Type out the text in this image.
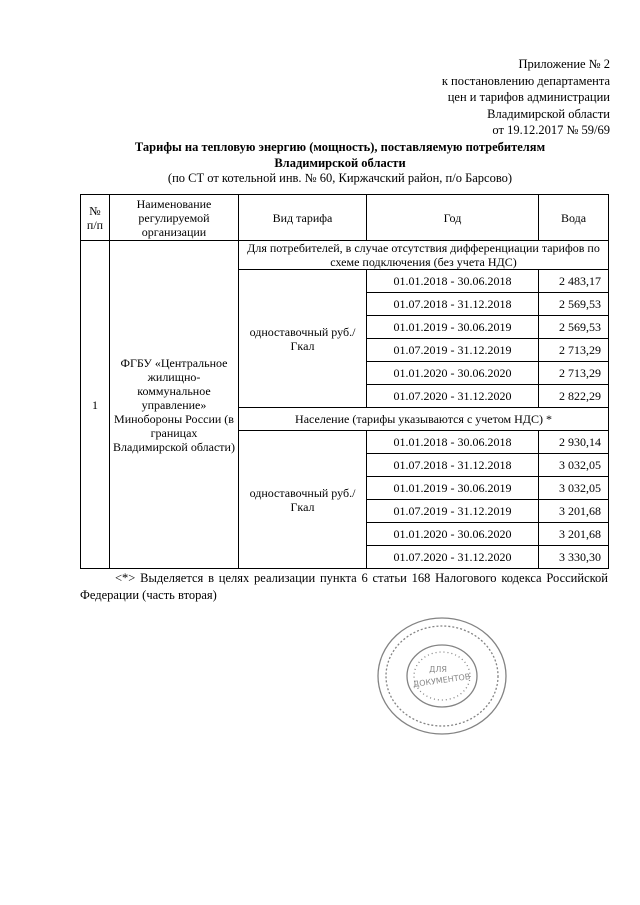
Приложение № 2
к постановлению департамента
цен и тарифов администрации
Владимирской области
от 19.12.2017 № 59/69
Тарифы на тепловую энергию (мощность), поставляемую потребителям
Владимирской области
(по СТ от котельной инв. № 60, Киржачский район, п/о Барсово)
№ п/п	Наименование регулируемой организации	Вид тарифа	Год	Вода
1	ФГБУ «Центральное жилищно-коммунальное управление» Минобороны России (в границах Владимирской области)	Для потребителей, в случае отсутствия дифференциации тарифов по схеме подключения (без учета НДС)		
		одноставочный руб./Гкал	01.01.2018 - 30.06.2018	2 483,17
			01.07.2018 - 31.12.2018	2 569,53
			01.01.2019 - 30.06.2019	2 569,53
			01.07.2019 - 31.12.2019	2 713,29
			01.01.2020 - 30.06.2020	2 713,29
			01.07.2020 - 31.12.2020	2 822,29
		Население (тарифы указываются с учетом НДС) *		
		одноставочный руб./Гкал	01.01.2018 - 30.06.2018	2 930,14
			01.07.2018 - 31.12.2018	3 032,05
			01.01.2019 - 30.06.2019	3 032,05
			01.07.2019 - 31.12.2019	3 201,68
			01.01.2020 - 30.06.2020	3 201,68
			01.07.2020 - 31.12.2020	3 330,30
<*> Выделяется в целях реализации пункта 6 статьи 168 Налогового кодекса Российской Федерации (часть вторая)
ДЛЯ
ДОКУМЕНТОВ
